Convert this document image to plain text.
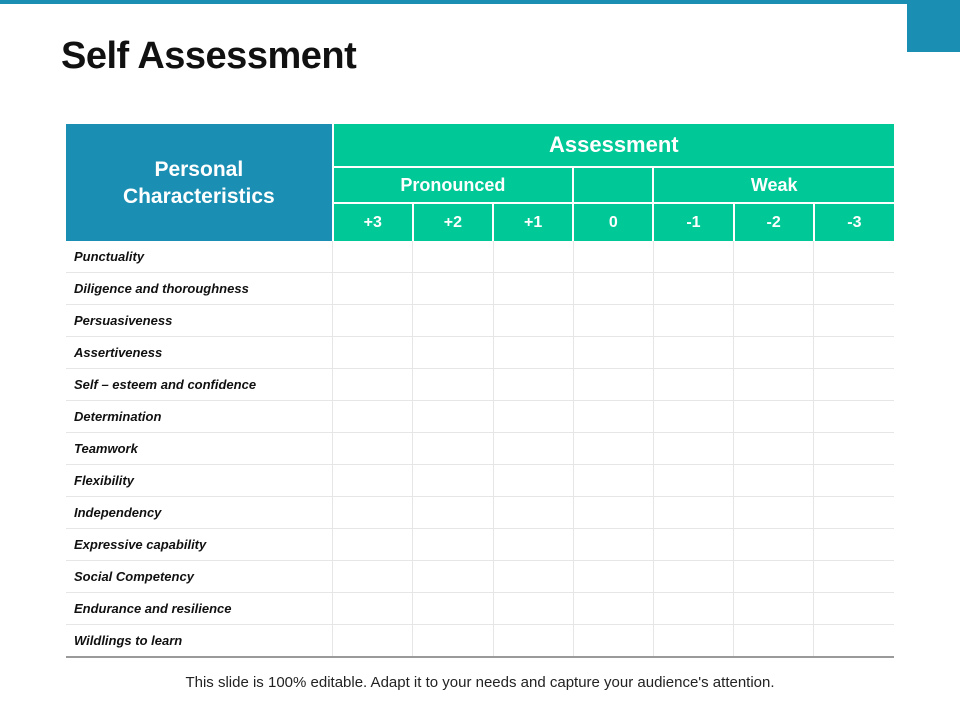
Self Assessment
Personal
Characteristics	Assessment						
	Pronounced				Weak		
	+3	+2	+1	0	-1	-2	-3
Punctuality							
Diligence and thoroughness							
Persuasiveness							
Assertiveness							
Self – esteem and confidence							
Determination							
Teamwork							
Flexibility							
Independency							
Expressive capability							
Social Competency							
Endurance and resilience							
Wildlings to learn							
This slide is 100% editable. Adapt it to your needs and capture your audience's attention.
